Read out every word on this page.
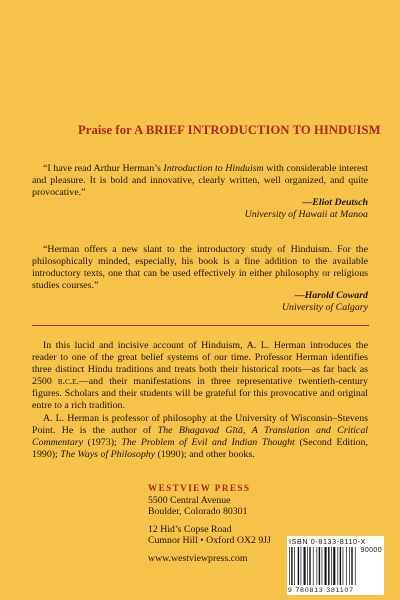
Praise for A BRIEF INTRODUCTION TO HINDUISM
“I have read Arthur Herman’s Introduction to Hinduism with considerable interest and pleasure. It is bold and innovative, clearly written, well organized, and quite provocative.”
—Eliot Deutsch
University of Hawaii at Manoa
“Herman offers a new slant to the introductory study of Hinduism. For the philosophically minded, especially, his book is a fine addition to the available introductory texts, one that can be used effectively in either philosophy or religious studies courses.”
—Harold Coward
University of Calgary
In this lucid and incisive account of Hinduism, A. L. Herman introduces the reader to one of the great belief systems of our time. Professor Herman identifies three distinct Hindu traditions and treats both their historical roots—as far back as 2500 b.c.e.—and their manifestations in three representative twentieth-century figures. Scholars and their students will be grateful for this provocative and original entre to a rich tradition.
A. L. Herman is professor of philosophy at the University of Wisconsin–Stevens Point. He is the author of The Bhagavad Gītā, A Translation and Critical Commentary (1973); The Problem of Evil and Indian Thought (Second Edition, 1990); The Ways of Philosophy (1990); and other books.
WESTVIEW PRESS
5500 Central Avenue
Boulder, Colorado 80301
12 Hid’s Copse Road
Cumnor Hill • Oxford OX2 9JJ
www.westviewpress.com
ISBN 0-8133-8110-X
90000
9 780813 381107
